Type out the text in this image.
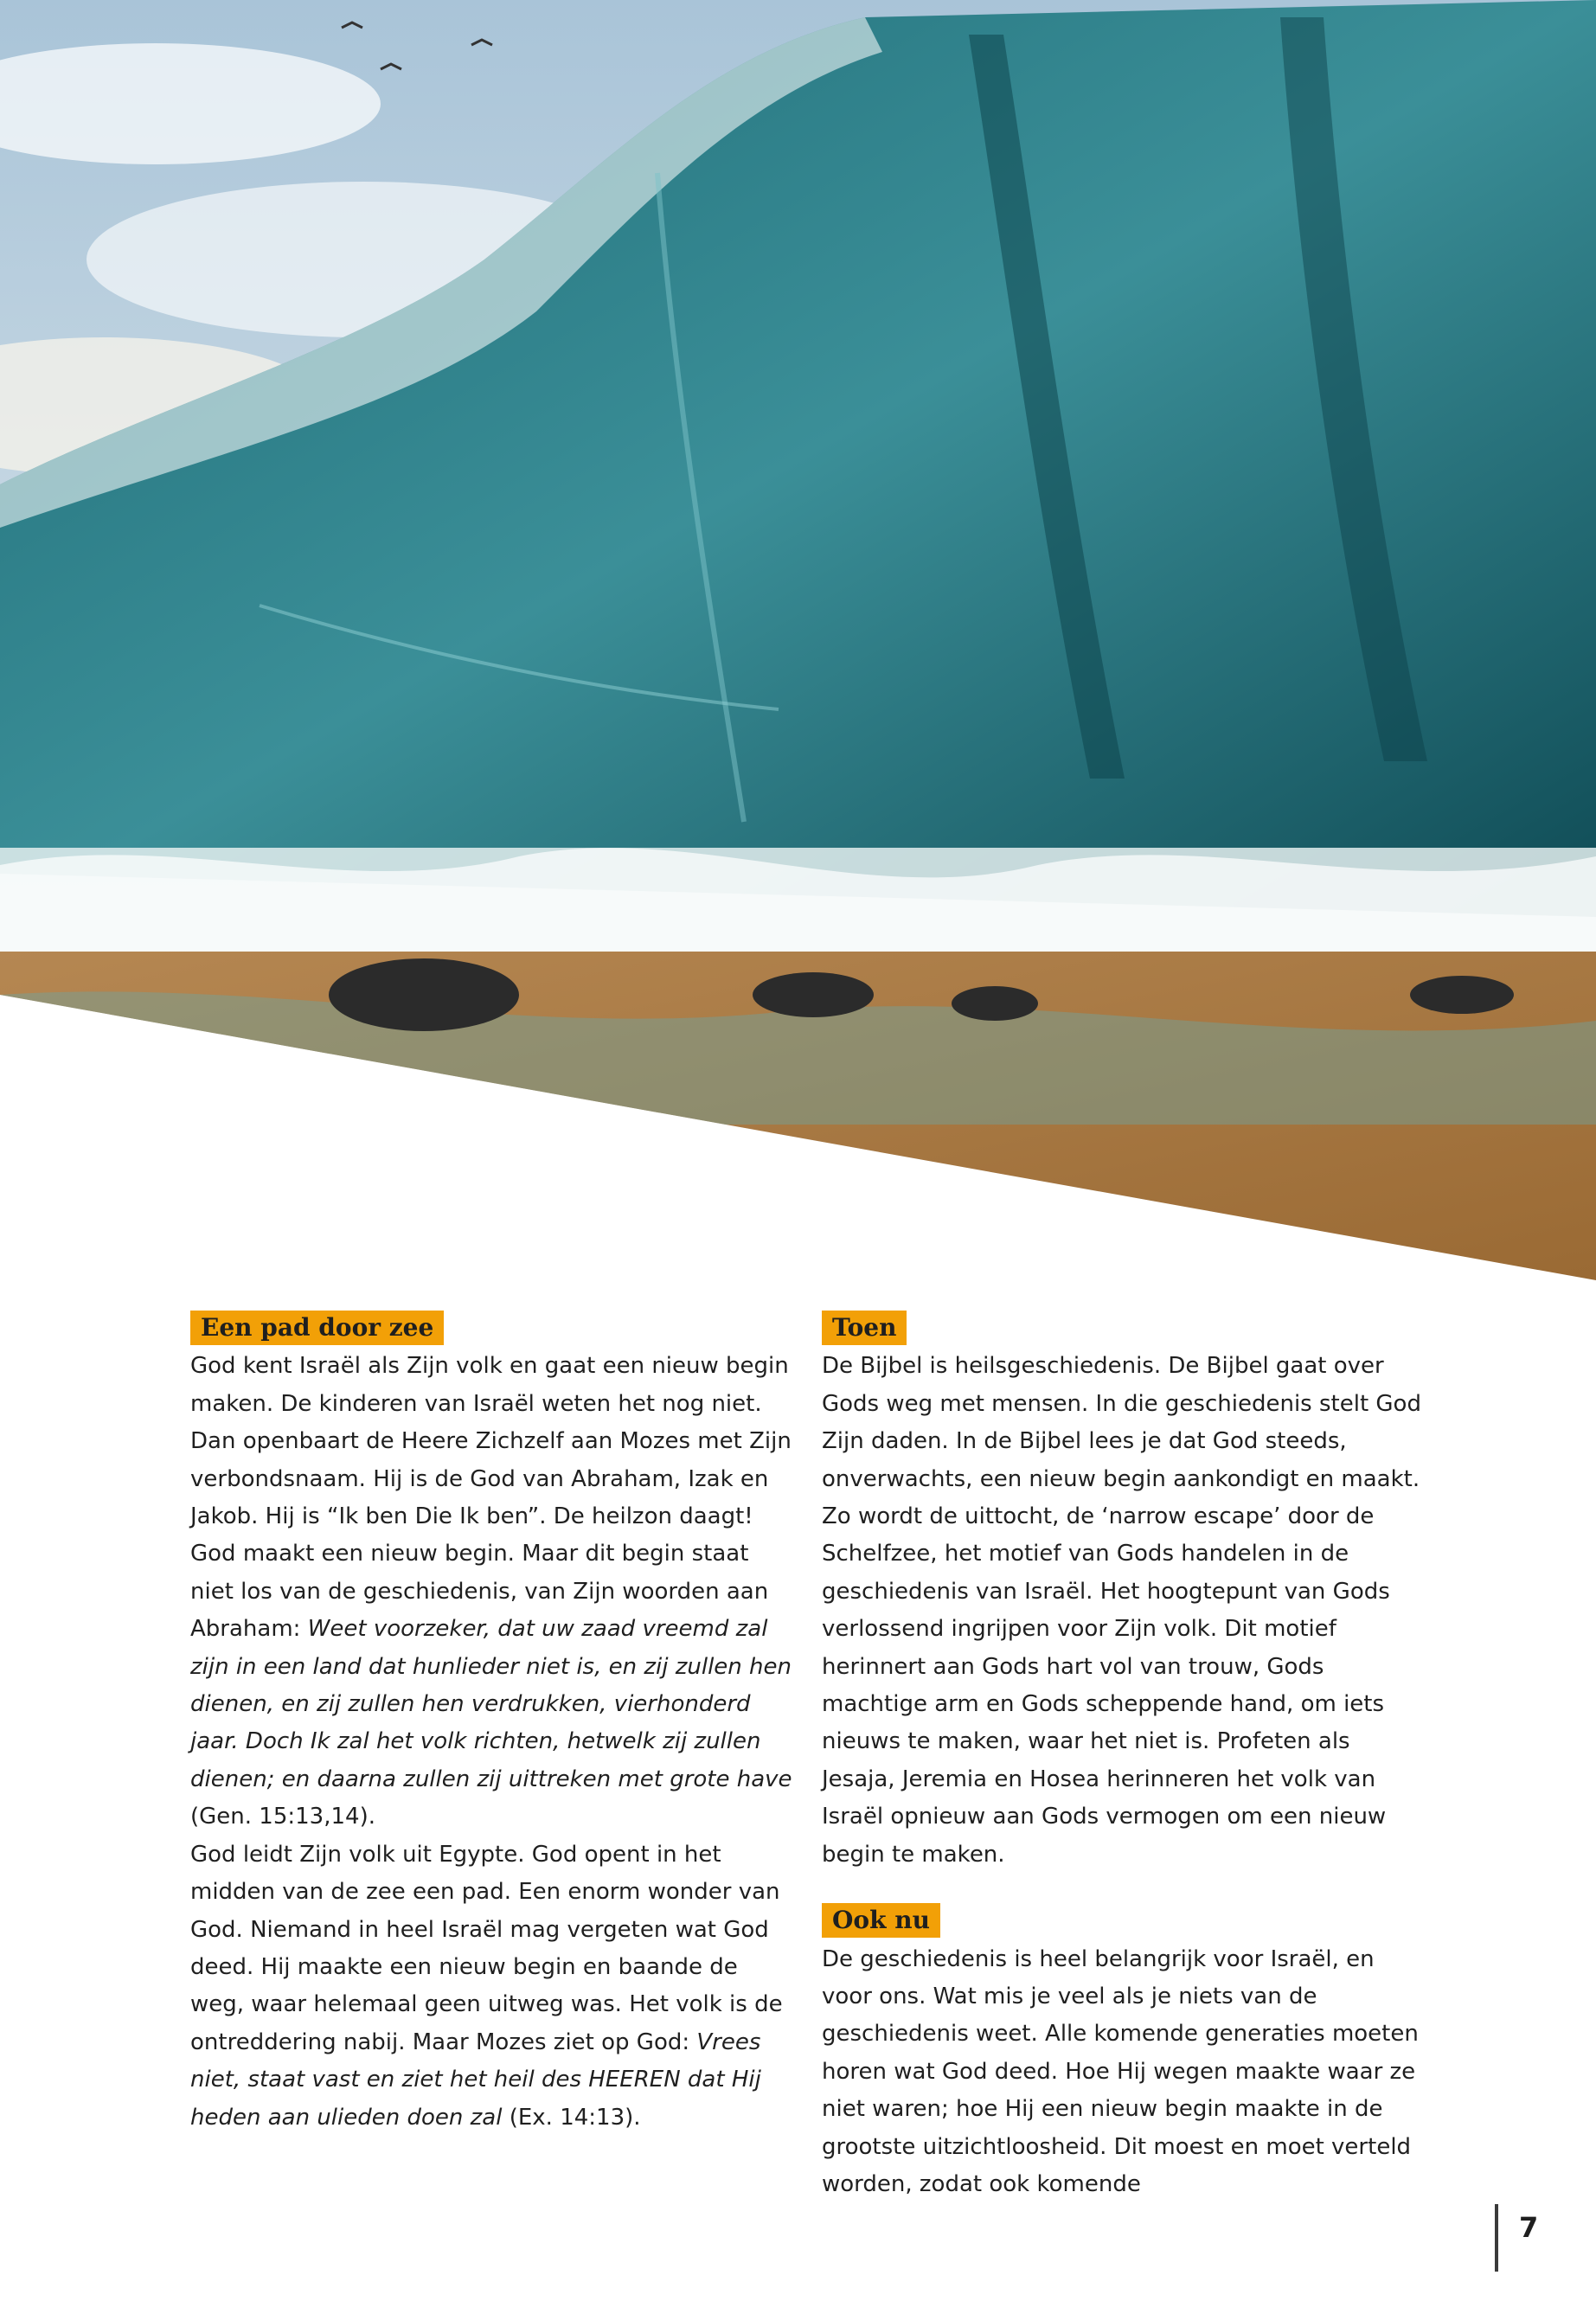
Een pad door zee

God kent Israël als Zijn volk en gaat een nieuw begin maken. De kinderen van Israël weten het nog niet. Dan openbaart de Heere Zichzelf aan Mozes met Zijn verbondsnaam. Hij is de God van Abraham, Izak en Jakob. Hij is “Ik ben Die Ik ben”. De heilzon daagt! God maakt een nieuw begin. Maar dit begin staat niet los van de geschiedenis, van Zijn woorden aan Abraham: Weet voorzeker, dat uw zaad vreemd zal zijn in een land dat hunlieder niet is, en zij zullen hen dienen, en zij zullen hen verdrukken, vierhonderd jaar. Doch Ik zal het volk richten, hetwelk zij zullen dienen; en daarna zullen zij uittreken met grote have (Gen. 15:13,14).

God leidt Zijn volk uit Egypte. God opent in het midden van de zee een pad. Een enorm wonder van God. Niemand in heel Israël mag vergeten wat God deed. Hij maakte een nieuw begin en baande de weg, waar helemaal geen uitweg was. Het volk is de ontreddering nabij. Maar Mozes ziet op God: Vrees niet, staat vast en ziet het heil des HEEREN dat Hij heden aan ulieden doen zal (Ex. 14:13).

Toen

De Bijbel is heilsgeschiedenis. De Bijbel gaat over Gods weg met mensen. In die geschiedenis stelt God Zijn daden. In de Bijbel lees je dat God steeds, onverwachts, een nieuw begin aankondigt en maakt. Zo wordt de uittocht, de ‘narrow escape’ door de Schelfzee, het motief van Gods handelen in de geschiedenis van Israël. Het hoogtepunt van Gods verlossend ingrijpen voor Zijn volk. Dit motief herinnert aan Gods hart vol van trouw, Gods machtige arm en Gods scheppende hand, om iets nieuws te maken, waar het niet is. Profeten als Jesaja, Jeremia en Hosea herinneren het volk van Israël opnieuw aan Gods vermogen om een nieuw begin te maken.

Ook nu

De geschiedenis is heel belangrijk voor Israël, en voor ons. Wat mis je veel als je niets van de geschiedenis weet. Alle komende generaties moeten horen wat God deed. Hoe Hij wegen maakte waar ze niet waren; hoe Hij een nieuw begin maakte in de grootste uitzichtloosheid. Dit moest en moet verteld worden, zodat ook komende

7
